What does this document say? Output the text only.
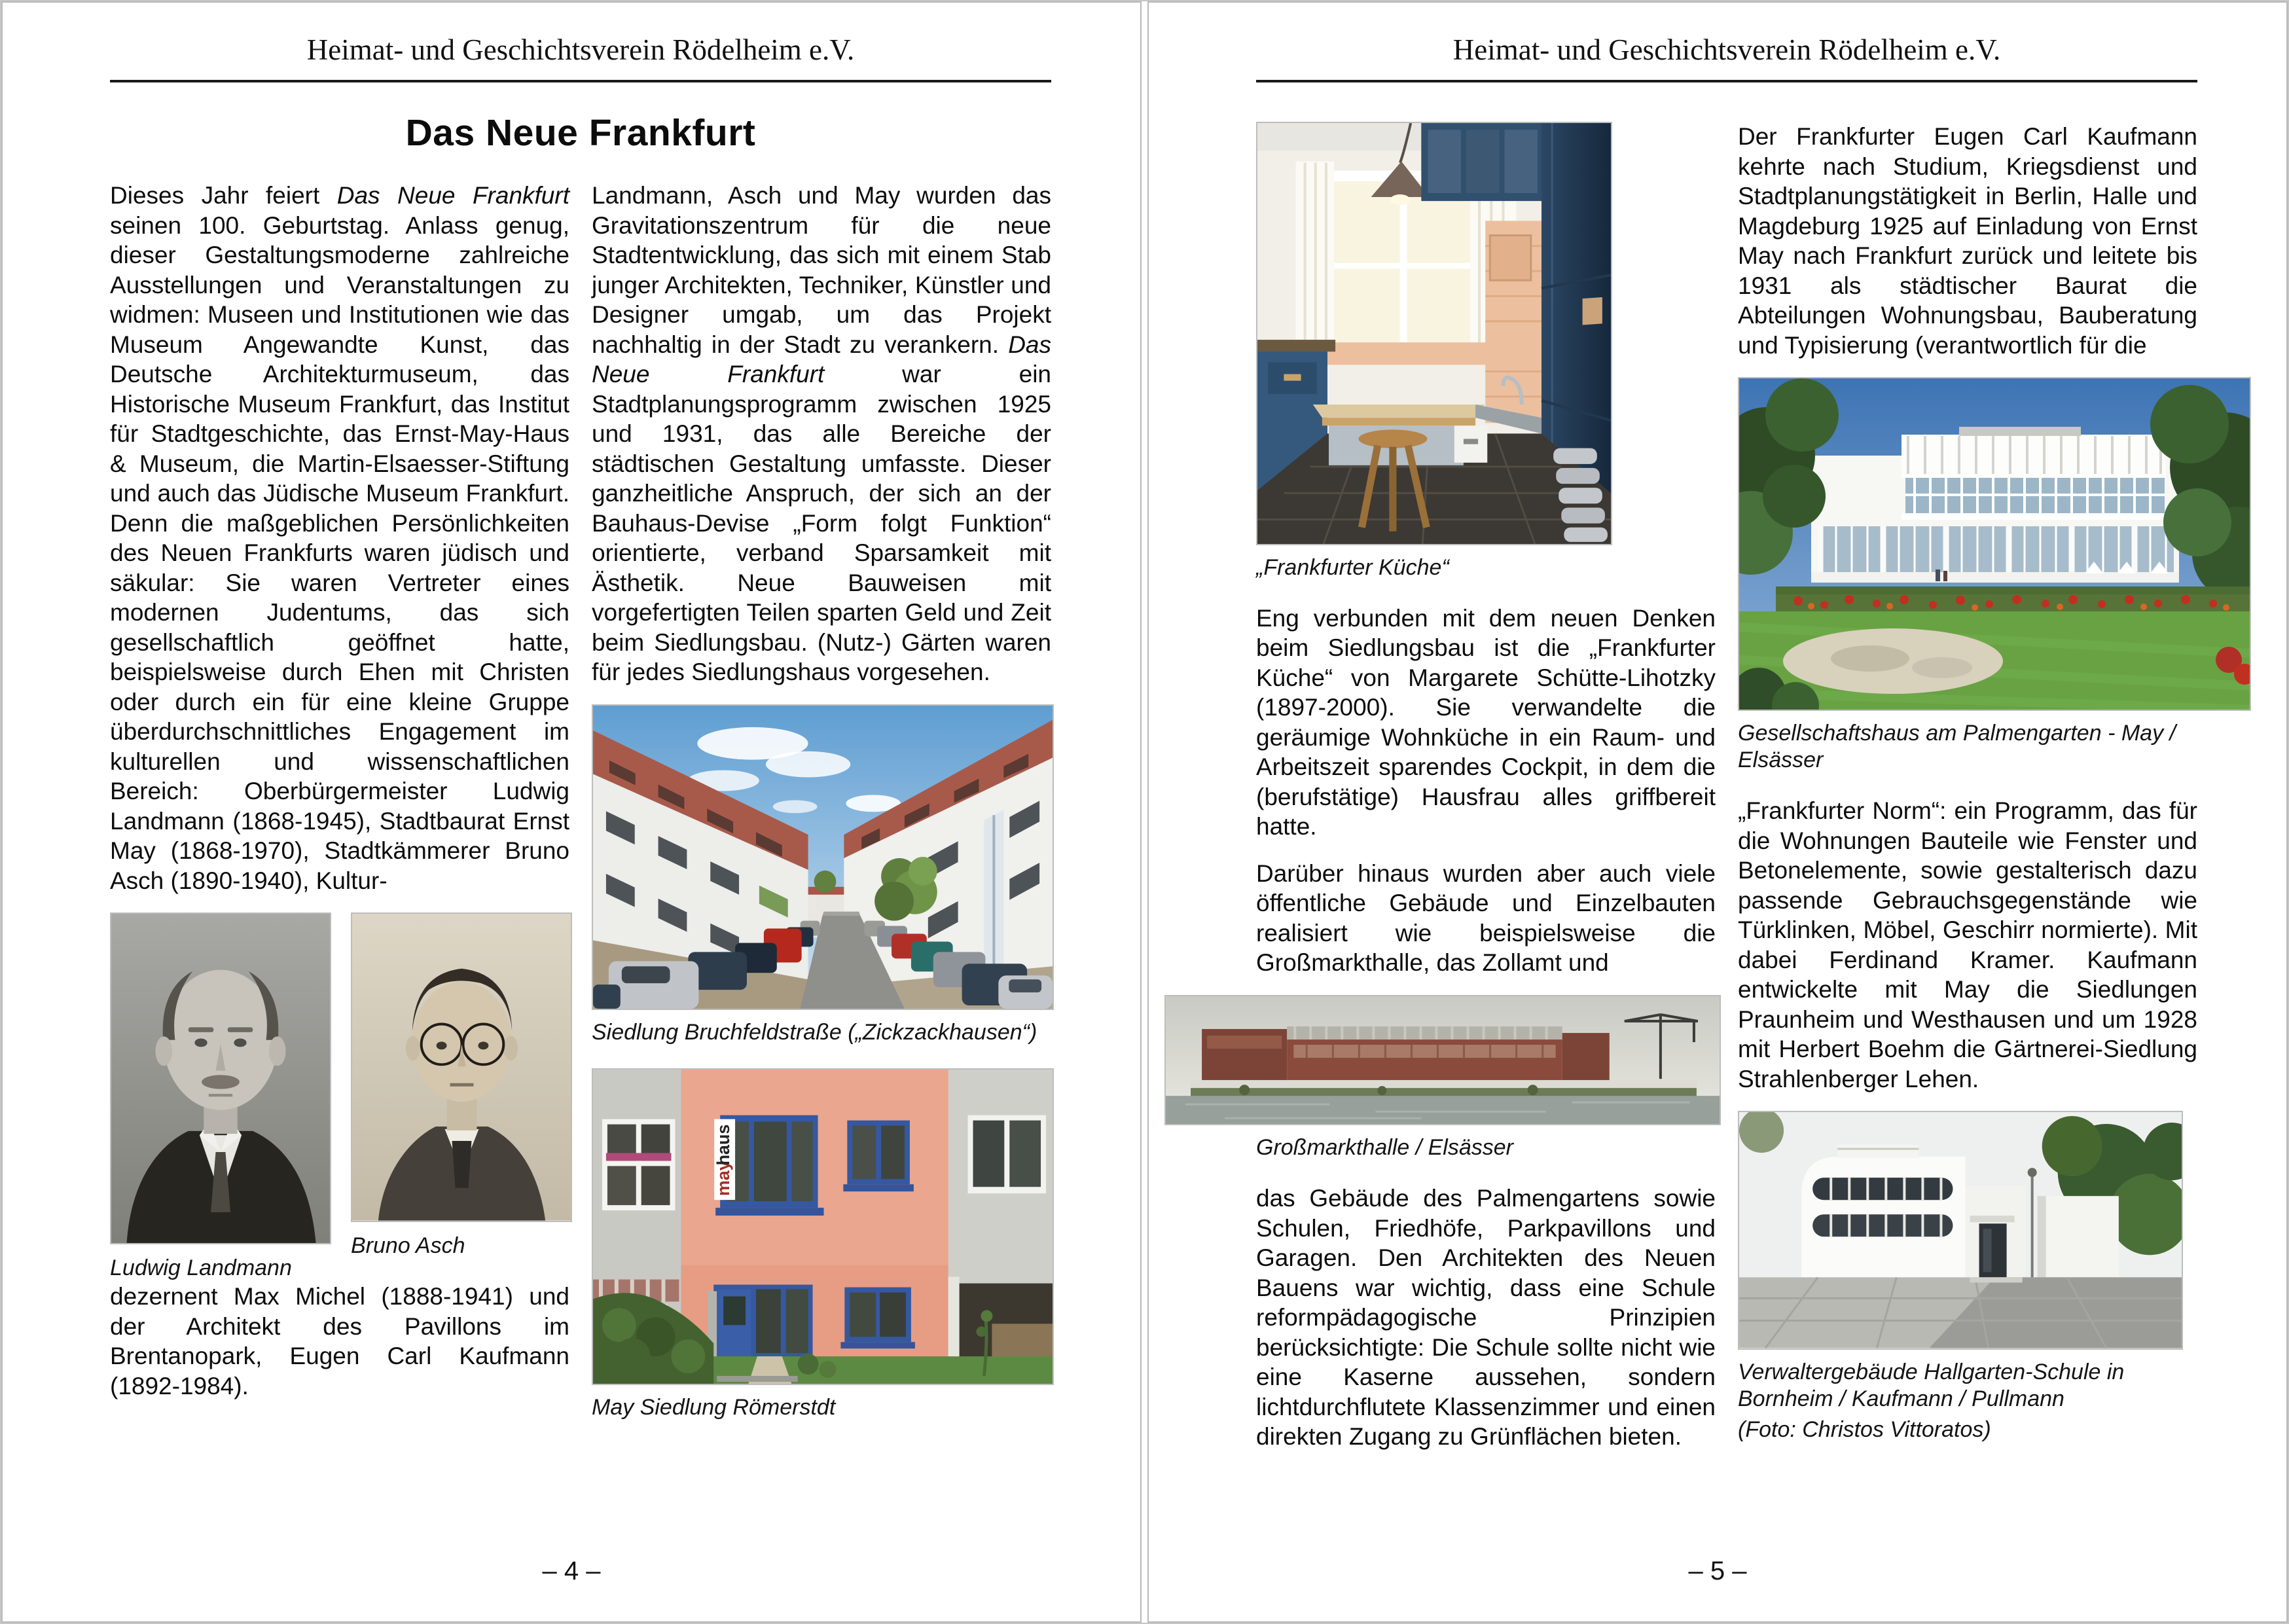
Heimat- und Geschichtsverein Rödelheim e.V.
Das Neue Frankfurt

Dieses Jahr feiert Das Neue Frankfurt seinen 100. Geburtstag. Anlass genug, dieser Gestaltungsmoderne zahlreiche Ausstellungen und Veranstaltungen zu widmen: Museen und Institutionen wie das Museum Angewandte Kunst, das Deutsche Architekturmuseum, das Historische Museum Frankfurt, das Institut für Stadtgeschichte, das Ernst-May-Haus & Museum, die Martin-Elsaesser-Stiftung und auch das Jüdische Museum Frankfurt. Denn die maßgeblichen Persönlichkeiten des Neuen Frankfurts waren jüdisch und säkular: Sie waren Vertreter eines modernen Judentums, das sich gesellschaftlich geöffnet hatte, beispielsweise durch Ehen mit Christen oder durch ein für eine kleine Gruppe überdurchschnittliches Engagement im kulturellen und wissenschaftlichen Bereich: Oberbürgermeister Ludwig Landmann (1868-1945), Stadtbaurat Ernst May (1868-1970), Stadtkämmerer Bruno Asch (1890-1940), Kultur-

Ludwig Landmann
Bruno Asch

dezernent Max Michel (1888-1941) und der Architekt des Pavillons im Brentanopark, Eugen Carl Kaufmann (1892-1984).

Landmann, Asch und May wurden das Gravitationszentrum für die neue Stadtentwicklung, das sich mit einem Stab junger Architekten, Techniker, Künstler und Designer umgab, um das Projekt nachhaltig in der Stadt zu verankern. Das Neue Frankfurt war ein Stadtplanungsprogramm zwischen 1925 und 1931, das alle Bereiche der städtischen Gestaltung umfasste. Dieser ganzheitliche Anspruch, der sich an der Bauhaus-Devise „Form folgt Funktion“ orientierte, verband Sparsamkeit mit Ästhetik. Neue Bauweisen mit vorgefertigten Teilen sparten Geld und Zeit beim Siedlungsbau. (Nutz-) Gärten waren für jedes Siedlungshaus vorgesehen.

Siedlung Bruchfeldstraße („Zickzackhausen“)
may
haus
May Siedlung Römerstdt
– 4 –
Heimat- und Geschichtsverein Rödelheim e.V.
„Frankfurter Küche“

Eng verbunden mit dem neuen Denken beim Siedlungsbau ist die „Frankfurter Küche“ von Margarete Schütte-Lihotzky (1897-2000). Sie verwandelte die geräumige Wohnküche in ein Raum- und Arbeitszeit sparendes Cockpit, in dem die (berufstätige) Hausfrau alles griffbereit hatte.

Darüber hinaus wurden aber auch viele öffentliche Gebäude und Einzelbauten realisiert wie beispielsweise die Großmarkthalle, das Zollamt und

Großmarkthalle / Elsässer

das Gebäude des Palmengartens sowie Schulen, Friedhöfe, Parkpavillons und Garagen. Den Architekten des Neuen Bauens war wichtig, dass eine Schule reformpädagogische Prinzipien berücksichtigte: Die Schule sollte nicht wie eine Kaserne aussehen, sondern lichtdurchflutete Klassenzimmer und einen direkten Zugang zu Grünflächen bieten.

Der Frankfurter Eugen Carl Kaufmann kehrte nach Studium, Kriegsdienst und Stadtplanungstätigkeit in Berlin, Halle und Magdeburg 1925 auf Einladung von Ernst May nach Frankfurt zurück und leitete bis 1931 als städtischer Baurat die Abteilungen Wohnungsbau, Bauberatung und Typisierung (verantwortlich für die

Gesellschaftshaus am Palmengarten - May / Elsässer

„Frankfurter Norm“: ein Programm, das für die Wohnungen Bauteile wie Fenster und Betonelemente, sowie gestalterisch dazu passende Gebrauchsgegenstände wie Türklinken, Möbel, Geschirr normierte). Mit dabei Ferdinand Kramer. Kaufmann entwickelte mit May die Siedlungen Praunheim und Westhausen und um 1928 mit Herbert Boehm die Gärtnerei-Siedlung Strahlenberger Lehen.

Verwaltergebäude Hallgarten-Schule in Bornheim / Kaufmann / Pullmann
(Foto: Christos Vittoratos)
– 5 –
